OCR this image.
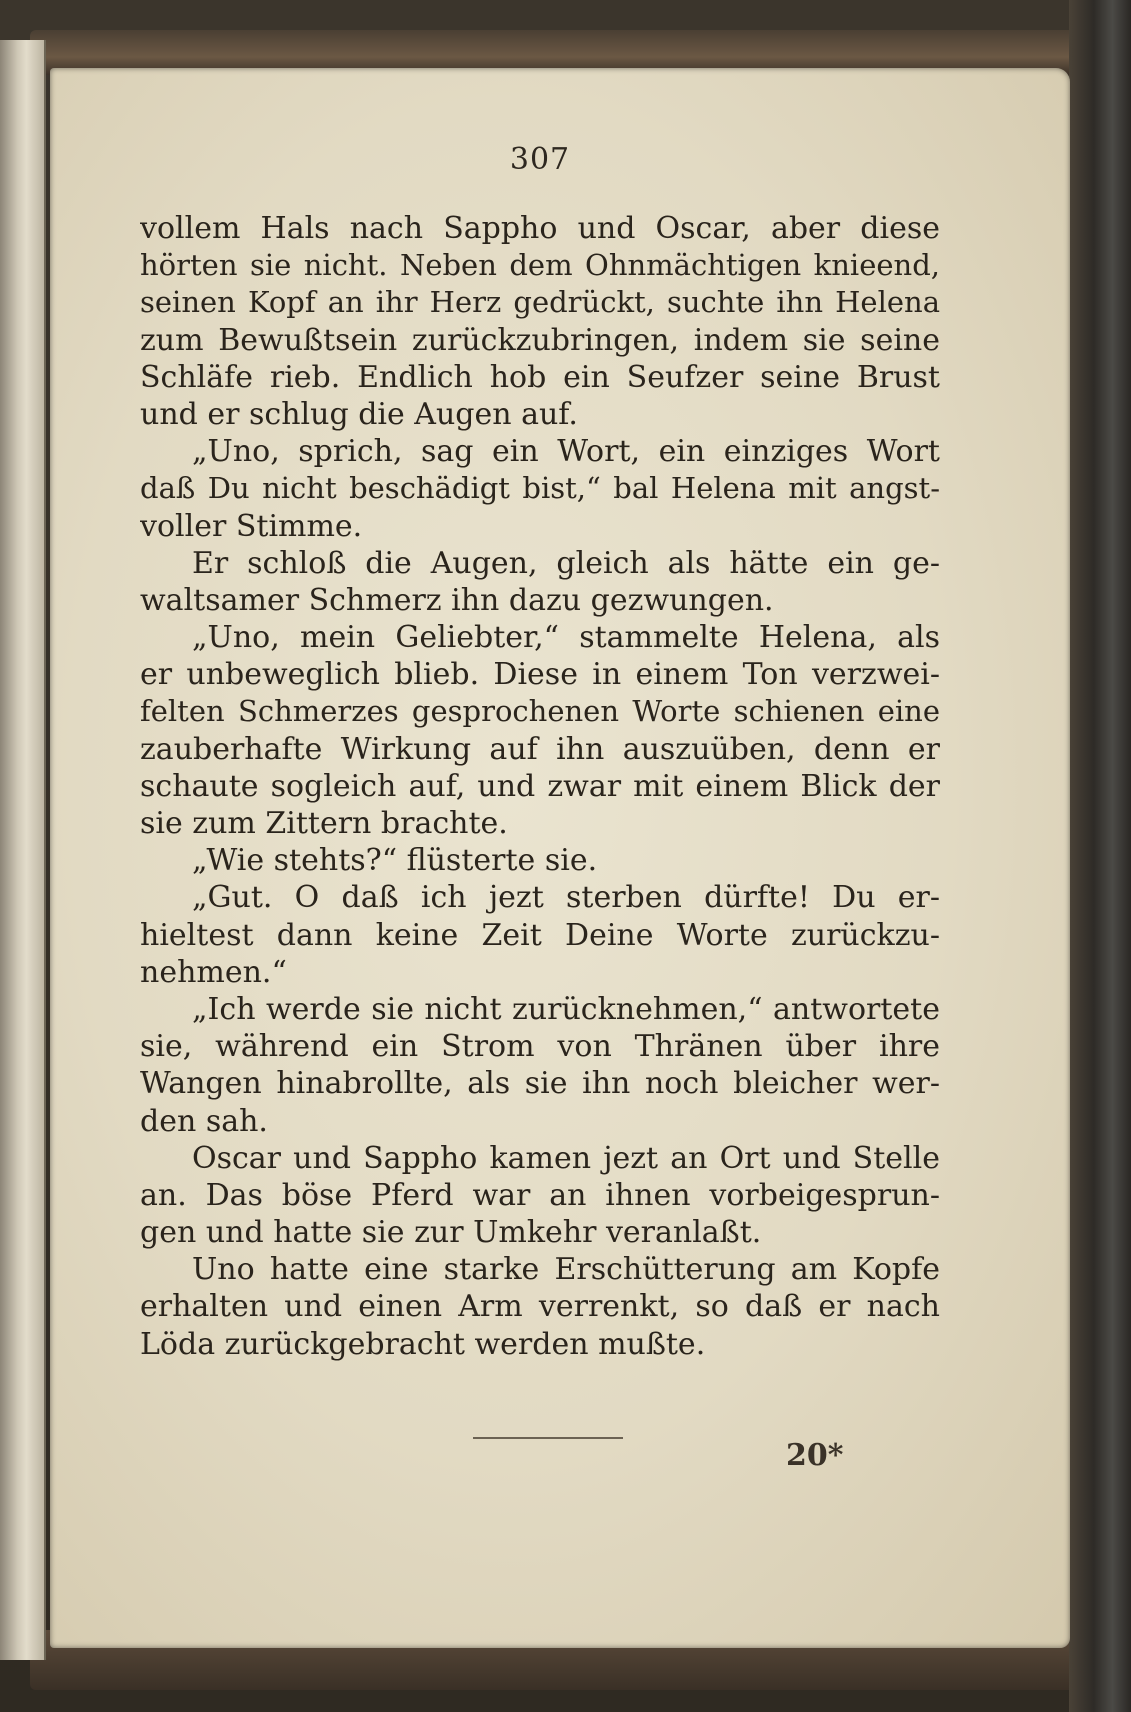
307
vollem Hals nach Sappho und Oscar, aber diese
hörten sie nicht. Neben dem Ohnmächtigen knieend,
seinen Kopf an ihr Herz gedrückt, suchte ihn Helena
zum Bewußtsein zurückzubringen, indem sie seine
Schläfe rieb. Endlich hob ein Seufzer seine Brust
und er schlug die Augen auf.
„Uno, sprich, sag ein Wort, ein einziges Wort
daß Du nicht beschädigt bist,“ bal Helena mit angst-
voller Stimme.
Er schloß die Augen, gleich als hätte ein ge-
waltsamer Schmerz ihn dazu gezwungen.
„Uno, mein Geliebter,“ stammelte Helena, als
er unbeweglich blieb. Diese in einem Ton verzwei-
felten Schmerzes gesprochenen Worte schienen eine
zauberhafte Wirkung auf ihn auszuüben, denn er
schaute sogleich auf, und zwar mit einem Blick der
sie zum Zittern brachte.
„Wie stehts?“ flüsterte sie.
„Gut. O daß ich jezt sterben dürfte! Du er-
hieltest dann keine Zeit Deine Worte zurückzu-
nehmen.“
„Ich werde sie nicht zurücknehmen,“ antwortete
sie, während ein Strom von Thränen über ihre
Wangen hinabrollte, als sie ihn noch bleicher wer-
den sah.
Oscar und Sappho kamen jezt an Ort und Stelle
an. Das böse Pferd war an ihnen vorbeigesprun-
gen und hatte sie zur Umkehr veranlaßt.
Uno hatte eine starke Erschütterung am Kopfe
erhalten und einen Arm verrenkt, so daß er nach
Löda zurückgebracht werden mußte.
20*
